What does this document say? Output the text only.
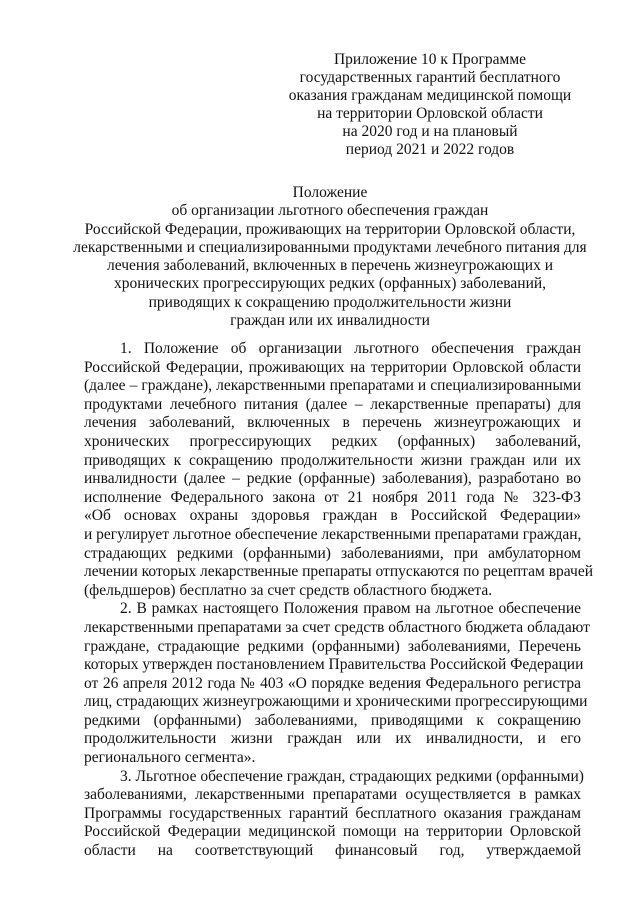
Приложение 10 к Программе
государственных гарантий бесплатного
оказания гражданам медицинской помощи
на территории Орловской области
на 2020 год и на плановый
период 2021 и 2022 годов
Положение
об организации льготного обеспечения граждан
Российской Федерации, проживающих на территории Орловской области,
лекарственными и специализированными продуктами лечебного питания для
лечения заболеваний, включенных в перечень жизнеугрожающих и
хронических прогрессирующих редких (орфанных) заболеваний,
приводящих к сокращению продолжительности жизни
граждан или их инвалидности
1. Положение об организации льготного обеспечения граждан
Российской Федерации, проживающих на территории Орловской области
(далее – граждане), лекарственными препаратами и специализированными
продуктами лечебного питания (далее – лекарственные препараты) для
лечения заболеваний, включенных в перечень жизнеугрожающих и
хронических прогрессирующих редких (орфанных) заболеваний,
приводящих к сокращению продолжительности жизни граждан или их
инвалидности (далее – редкие (орфанные) заболевания), разработано во
исполнение Федерального закона от 21 ноября 2011 года № 323-ФЗ
«Об основах охраны здоровья граждан в Российской Федерации»
и регулирует льготное обеспечение лекарственными препаратами граждан,
страдающих редкими (орфанными) заболеваниями, при амбулаторном
лечении которых лекарственные препараты отпускаются по рецептам врачей
(фельдшеров) бесплатно за счет средств областного бюджета.
2. В рамках настоящего Положения правом на льготное обеспечение
лекарственными препаратами за счет средств областного бюджета обладают
граждане, страдающие редкими (орфанными) заболеваниями, Перечень
которых утвержден постановлением Правительства Российской Федерации
от 26 апреля 2012 года № 403 «О порядке ведения Федерального регистра
лиц, страдающих жизнеугрожающими и хроническими прогрессирующими
редкими (орфанными) заболеваниями, приводящими к сокращению
продолжительности жизни граждан или их инвалидности, и его
регионального сегмента».
3. Льготное обеспечение граждан, страдающих редкими (орфанными)
заболеваниями, лекарственными препаратами осуществляется в рамках
Программы государственных гарантий бесплатного оказания гражданам
Российской Федерации медицинской помощи на территории Орловской
области на соответствующий финансовый год, утверждаемой
